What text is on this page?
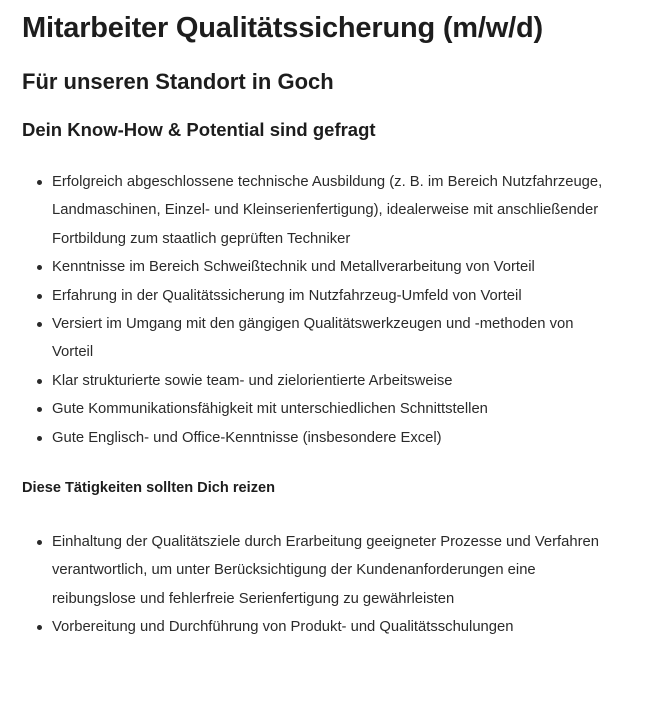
Mitarbeiter Qualitätssicherung (m/w/d)
Für unseren Standort in Goch
Dein Know-How & Potential sind gefragt
Erfolgreich abgeschlossene technische Ausbildung (z. B. im Bereich Nutzfahrzeuge, Landmaschinen, Einzel- und Kleinserienfertigung), idealerweise mit anschließender Fortbildung zum staatlich geprüften Techniker
Kenntnisse im Bereich Schweißtechnik und Metallverarbeitung von Vorteil
Erfahrung in der Qualitätssicherung im Nutzfahrzeug-Umfeld von Vorteil
Versiert im Umgang mit den gängigen Qualitätswerkzeugen und -methoden von Vorteil
Klar strukturierte sowie team- und zielorientierte Arbeitsweise
Gute Kommunikationsfähigkeit mit unterschiedlichen Schnittstellen
Gute Englisch- und Office-Kenntnisse (insbesondere Excel)

Diese Tätigkeiten sollten Dich reizen

Einhaltung der Qualitätsziele durch Erarbeitung geeigneter Prozesse und Verfahren verantwortlich, um unter Berücksichtigung der Kundenanforderungen eine reibungslose und fehlerfreie Serienfertigung zu gewährleisten
Vorbereitung und Durchführung von Produkt- und Qualitätsschulungen
